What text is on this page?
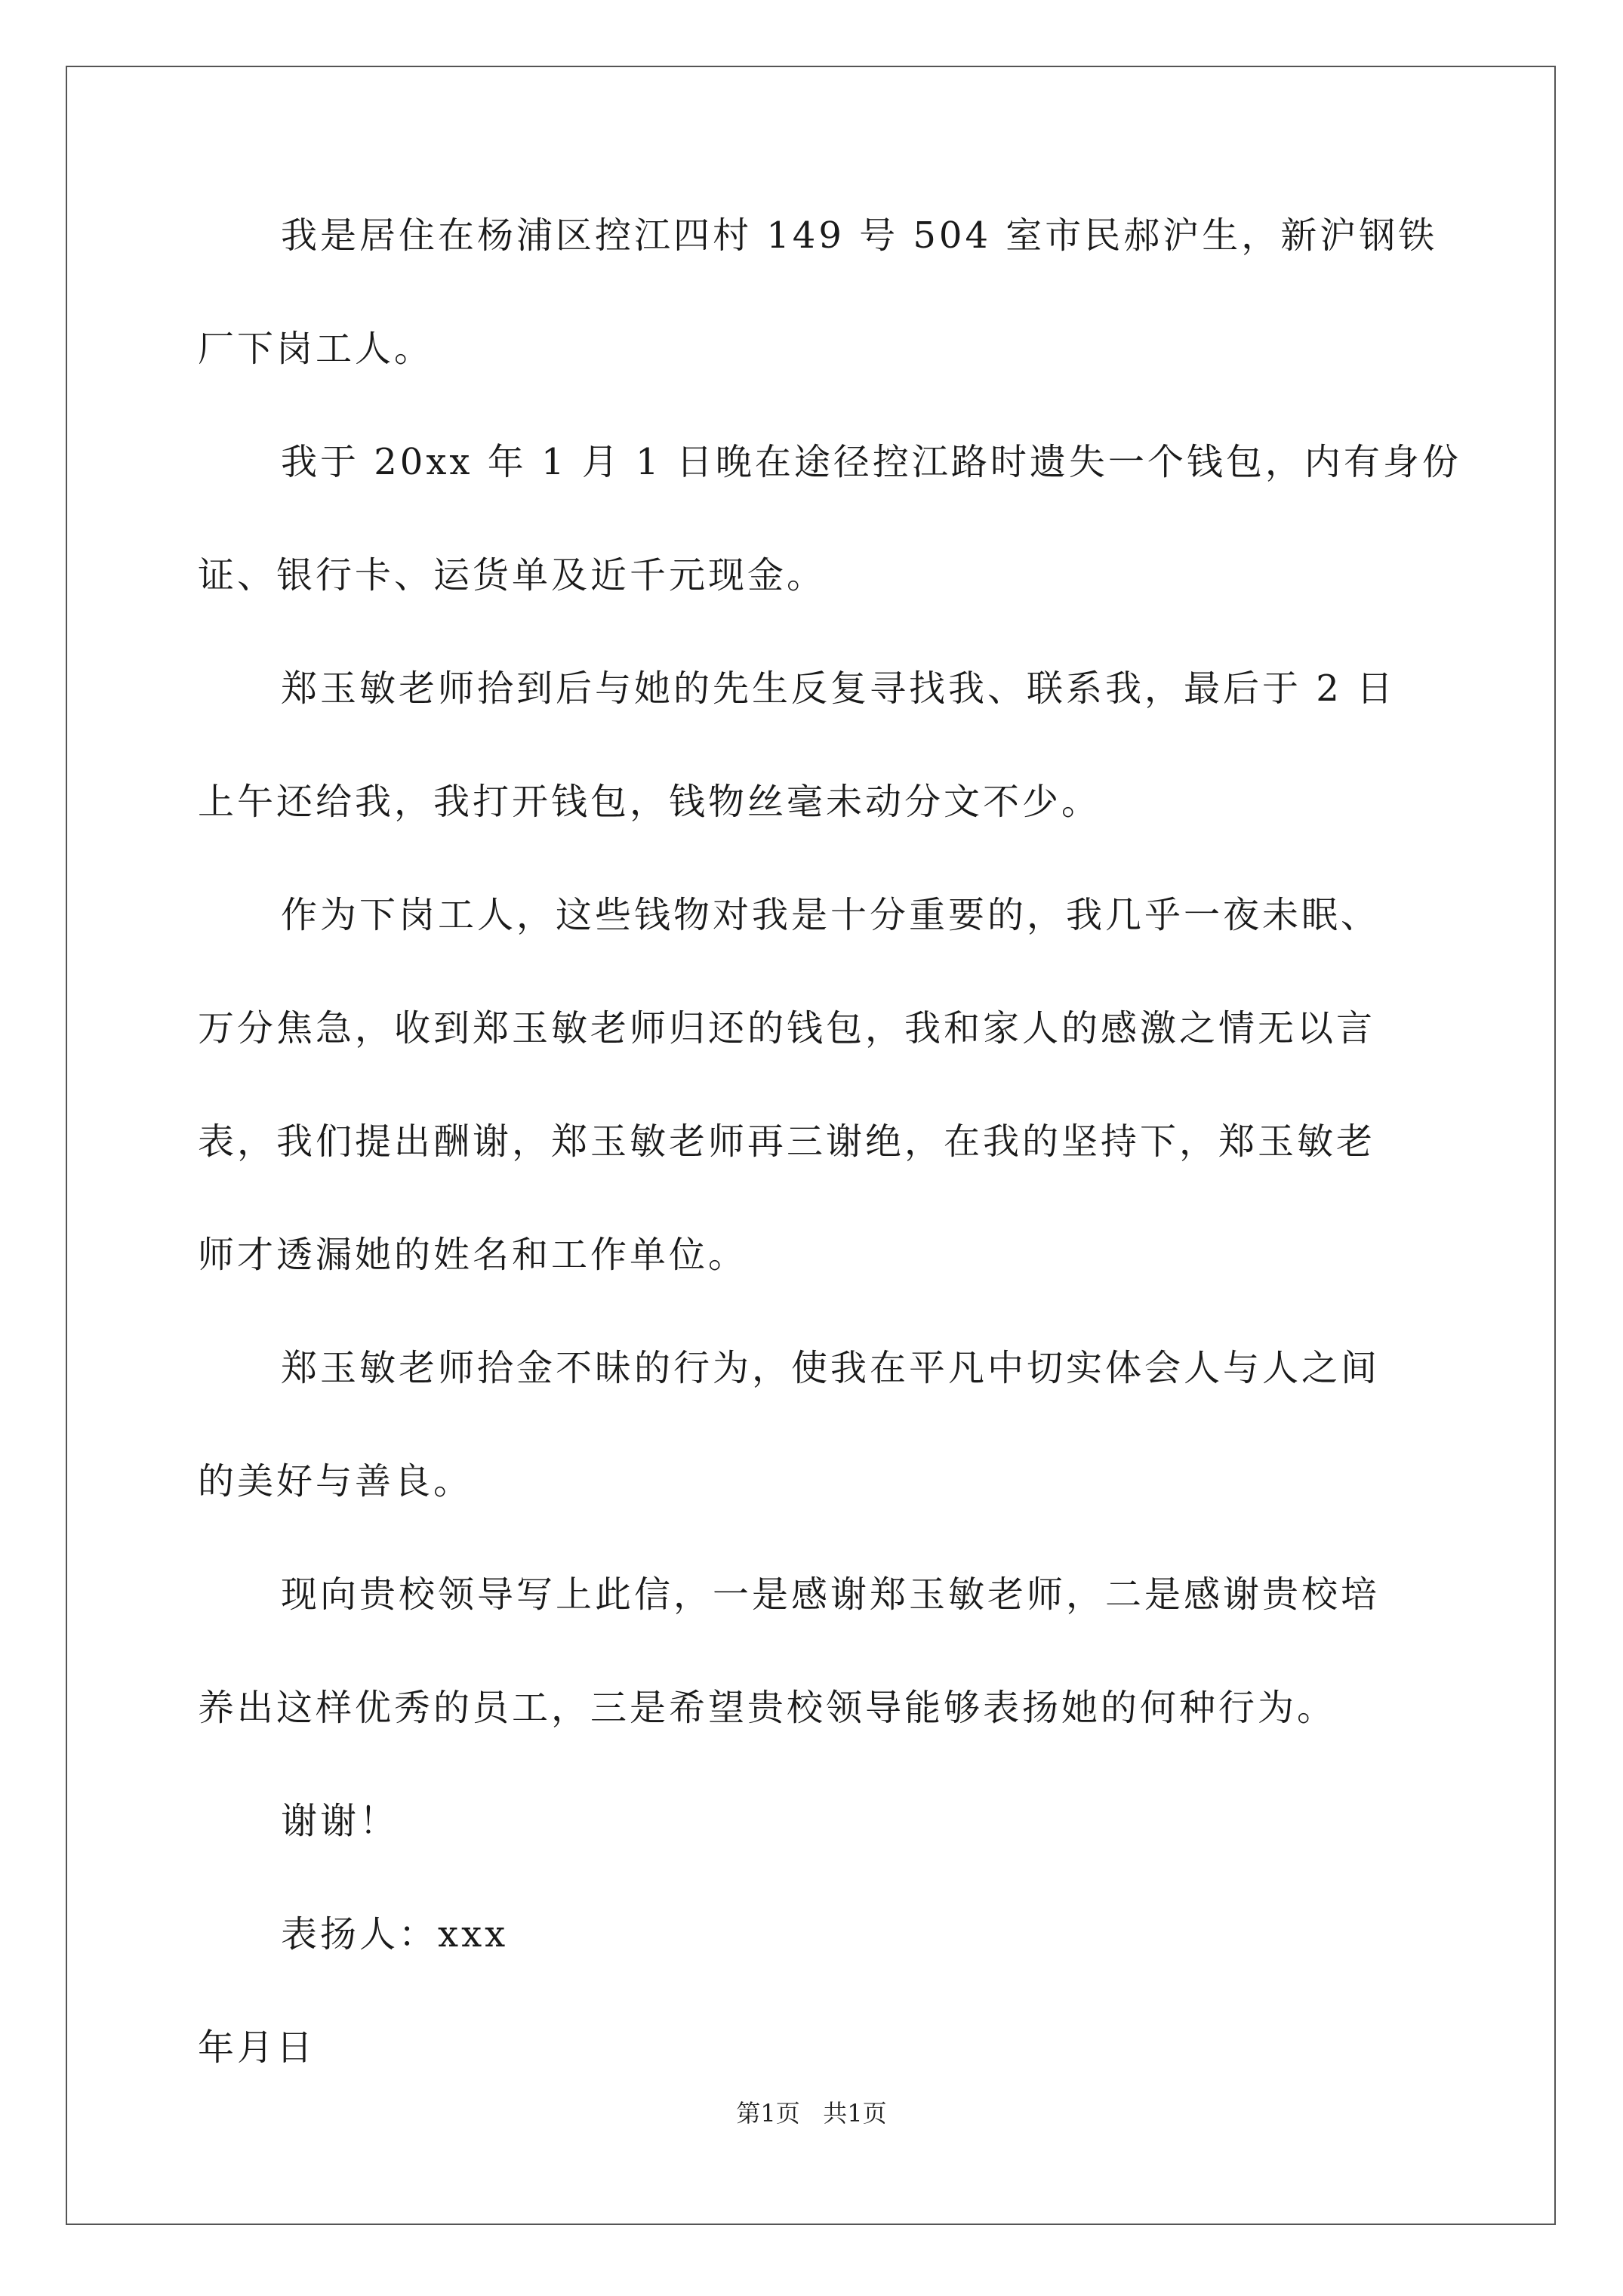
我是居住在杨浦区控江四村 149 号 504 室市民郝沪生，新沪钢铁
厂下岗工人。
我于 20xx 年 1 月 1 日晚在途径控江路时遗失一个钱包，内有身份
证、银行卡、运货单及近千元现金。
郑玉敏老师拾到后与她的先生反复寻找我、联系我，最后于 2 日
上午还给我，我打开钱包，钱物丝毫未动分文不少。
作为下岗工人，这些钱物对我是十分重要的，我几乎一夜未眠、
万分焦急，收到郑玉敏老师归还的钱包，我和家人的感激之情无以言
表，我们提出酬谢，郑玉敏老师再三谢绝，在我的坚持下，郑玉敏老
师才透漏她的姓名和工作单位。
郑玉敏老师拾金不昧的行为，使我在平凡中切实体会人与人之间
的美好与善良。
现向贵校领导写上此信，一是感谢郑玉敏老师，二是感谢贵校培
养出这样优秀的员工，三是希望贵校领导能够表扬她的何种行为。
谢谢！
表扬人：xxx
年月日
第1页   共1页
